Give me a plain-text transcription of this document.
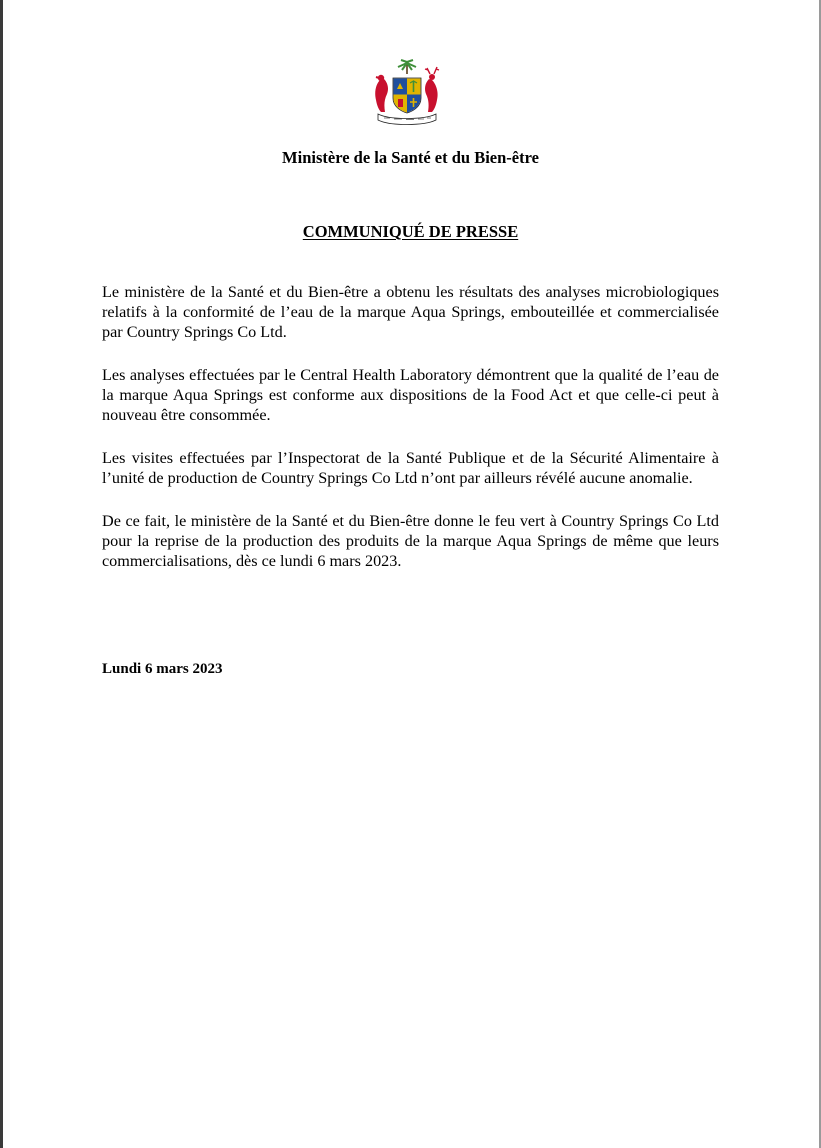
Ministère de la Santé et du Bien-être
COMMUNIQUÉ DE PRESSE

Le ministère de la Santé et du Bien-être a obtenu les résultats des analyses microbiologiques relatifs à la conformité de l’eau de la marque Aqua Springs, embouteillée et commercialisée par Country Springs Co Ltd.

Les analyses effectuées par le Central Health Laboratory démontrent que la qualité de l’eau de la marque Aqua Springs est conforme aux dispositions de la Food Act et que celle-ci peut à nouveau être consommée.

Les visites effectuées par l’Inspectorat de la Santé Publique et de la Sécurité Alimentaire à l’unité de production de Country Springs Co Ltd n’ont par ailleurs révélé aucune anomalie.

De ce fait, le ministère de la Santé et du Bien-être donne le feu vert à Country Springs Co Ltd pour la reprise de la production des produits de la marque Aqua Springs de même que leurs commercialisations, dès ce lundi 6 mars 2023.

Lundi 6 mars 2023
